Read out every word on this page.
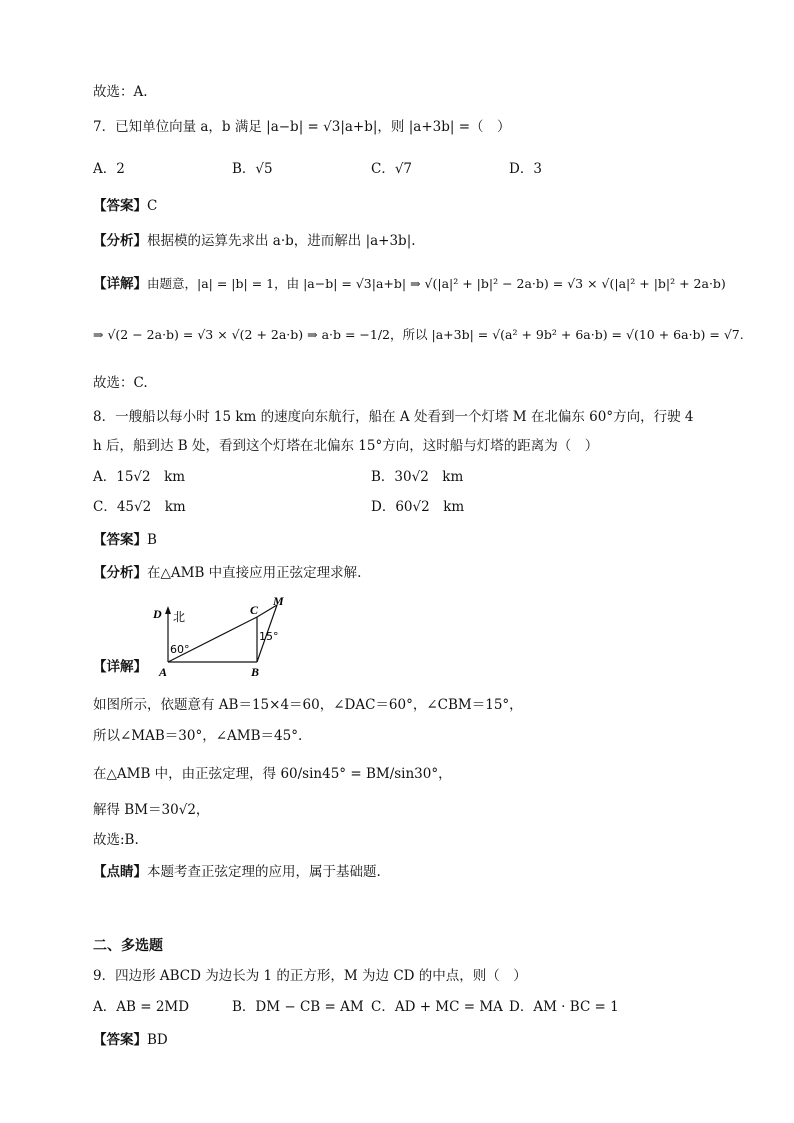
故选：A.
7．已知单位向量 a，b 满足 |a−b| = √3|a+b|，则 |a+3b| =（　）
A．2	B．√5	C．√7	D．3
【答案】C
【分析】根据模的运算先求出 a·b，进而解出 |a+3b|.
【详解】由题意，|a| = |b| = 1，由 |a−b| = √3|a+b| ⇒ √(|a|² + |b|² − 2a·b) = √3 × √(|a|² + |b|² + 2a·b)
⇒ √(2 − 2a·b) = √3 × √(2 + 2a·b) ⇒ a·b = −1/2，所以 |a+3b| = √(a² + 9b² + 6a·b) = √(10 + 6a·b) = √7.
故选：C.
8．一艘船以每小时 15 km 的速度向东航行，船在 A 处看到一个灯塔 M 在北偏东 60°方向，行驶 4
h 后，船到达 B 处，看到这个灯塔在北偏东 15°方向，这时船与灯塔的距离为（　）
A．15√2　km	B．30√2　km
C．45√2　km	D．60√2　km
【答案】B
【分析】在△AMB 中直接应用正弦定理求解.
D 北
60°
A	B
C
M
15°
【详解】
如图所示，依题意有 AB＝15×4＝60，∠DAC＝60°，∠CBM＝15°，
所以∠MAB＝30°，∠AMB＝45°.
在△AMB 中，由正弦定理，得 60/sin45° = BM/sin30°，
解得 BM＝30√2，
故选:B.
【点睛】本题考查正弦定理的应用，属于基础题.
二、多选题
9．四边形 ABCD 为边长为 1 的正方形，M 为边 CD 的中点，则（　）
A．AB = 2MD	B．DM − CB = AM C．AD + MC = MA D．AM · BC = 1
【答案】BD
